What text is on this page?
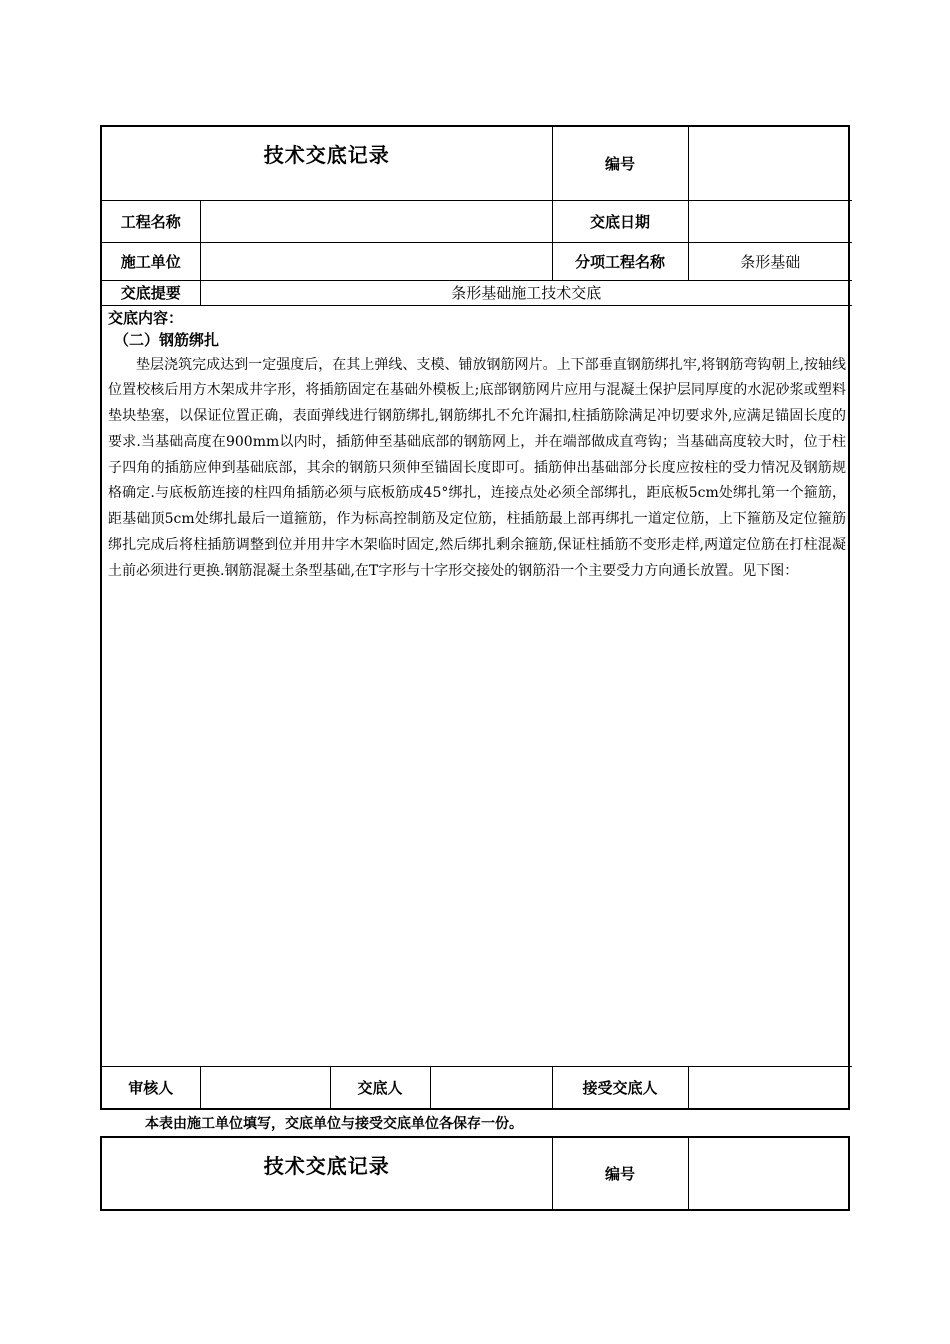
技术交底记录				编号	
工程名称				交底日期	
施工单位				分项工程名称	条形基础
交底提要	条形基础施工技术交底				

交底内容：
（二）钢筋绑扎
垫层浇筑完成达到一定强度后，在其上弹线、支模、铺放钢筋网片。上下部垂直钢筋绑扎牢,将钢筋弯钩朝上,按轴线位置校核后用方木架成井字形，将插筋固定在基础外模板上;底部钢筋网片应用与混凝土保护层同厚度的水泥砂浆或塑料垫块垫塞，以保证位置正确，表面弹线进行钢筋绑扎,钢筋绑扎不允许漏扣,柱插筋除满足冲切要求外,应满足锚固长度的要求.当基础高度在900mm以内时，插筋伸至基础底部的钢筋网上，并在端部做成直弯钩；当基础高度较大时，位于柱子四角的插筋应伸到基础底部，其余的钢筋只须伸至锚固长度即可。插筋伸出基础部分长度应按柱的受力情况及钢筋规格确定.与底板筋连接的柱四角插筋必须与底板筋成45°绑扎，连接点处必须全部绑扎，距底板5cm处绑扎第一个箍筋，距基础顶5cm处绑扎最后一道箍筋，作为标高控制筋及定位筋，柱插筋最上部再绑扎一道定位筋，上下箍筋及定位箍筋绑扎完成后将柱插筋调整到位并用井字木架临时固定,然后绑扎剩余箍筋,保证柱插筋不变形走样,两道定位筋在打柱混凝土前必须进行更换.钢筋混凝土条型基础,在T字形与十字形交接处的钢筋沿一个主要受力方向通长放置。见下图：					

审核人		交底人		接受交底人	
本表由施工单位填写，交底单位与接受交底单位各保存一份。
技术交底记录	编号	
